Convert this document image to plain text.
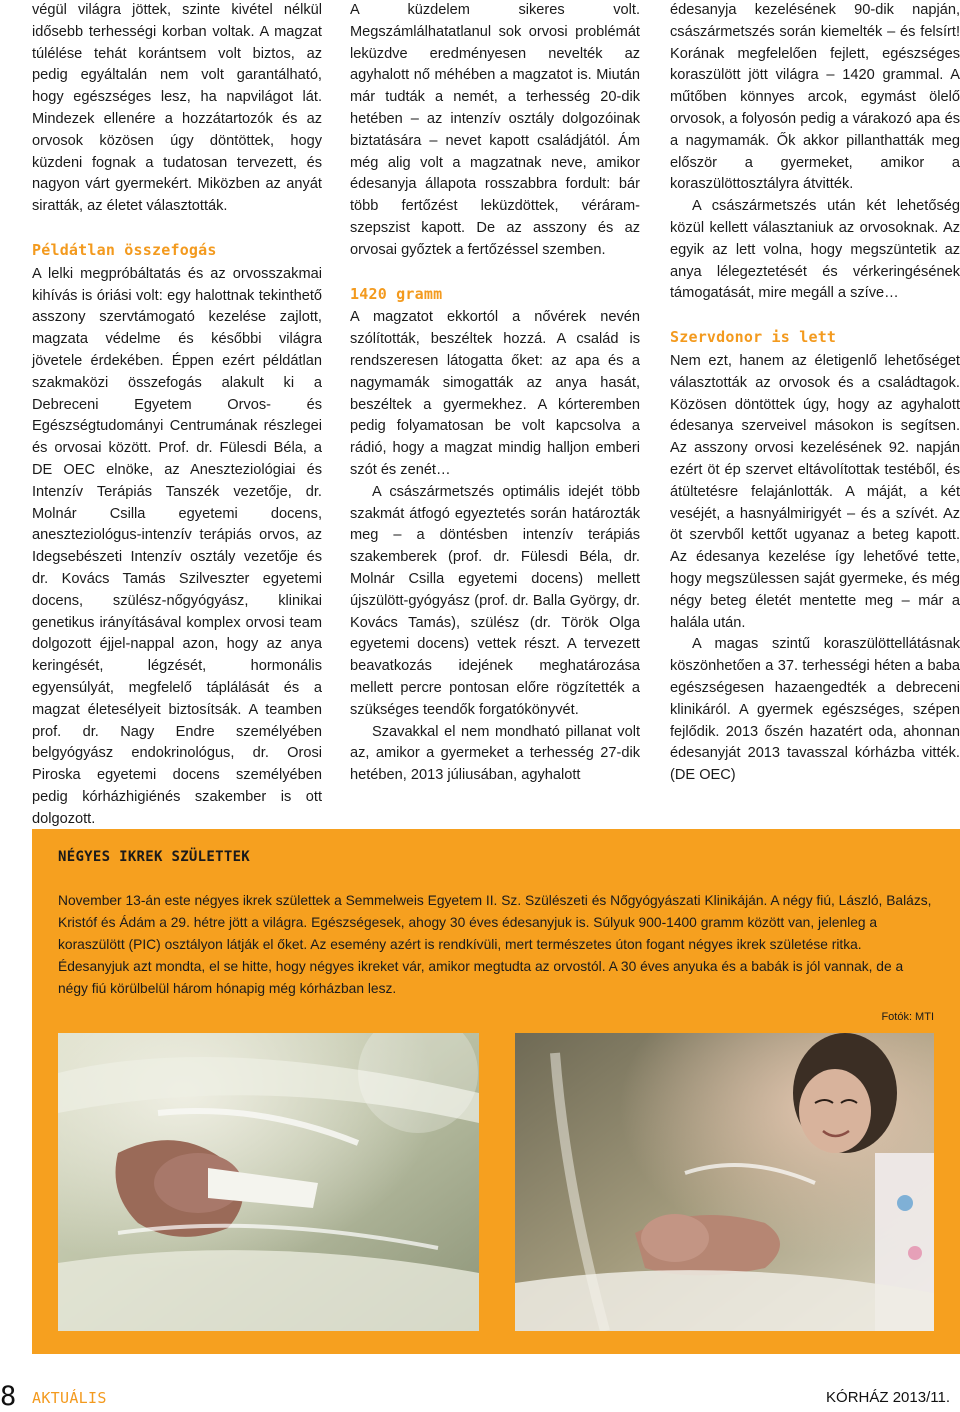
végül világra jöttek, szinte kivétel nélkül idősebb terhességi korban voltak. A magzat túlélése tehát korántsem volt biztos, az pedig egyáltalán nem volt garantálható, hogy egészséges lesz, ha napvilágot lát. Mindezek ellenére a hozzátartozók és az orvosok közösen úgy döntöttek, hogy küzdeni fognak a tudatosan tervezett, és nagyon várt gyermekért. Miközben az anyát siratták, az életet választották.

Példátlan összefogás

A lelki megpróbáltatás és az orvosszakmai kihívás is óriási volt: egy halottnak tekinthető asszony szervtámogató kezelése zajlott, magzata védelme és későbbi világra jövetele érdekében. Éppen ezért példátlan szakmaközi összefogás alakult ki a Debreceni Egyetem Orvos- és Egészségtudományi Centrumának részlegei és orvosai között. Prof. dr. Fülesdi Béla, a DE OEC elnöke, az Aneszteziológiai és Intenzív Terápiás Tanszék vezetője, dr. Molnár Csilla egyetemi docens, aneszteziológus-intenzív terápiás orvos, az Idegsebészeti Intenzív osztály vezetője és dr. Kovács Tamás Szilveszter egyetemi docens, szülész-nőgyógyász, klinikai genetikus irányításával komplex orvosi team dolgozott éjjel-nappal azon, hogy az anya keringését, légzését, hormonális egyensúlyát, megfelelő táplálását és a magzat életesélyeit biztosítsák. A teamben prof. dr. Nagy Endre személyében belgyógyász endokrinológus, dr. Orosi Piroska egyetemi docens személyében pedig kórházhigiénés szakember is ott dolgozott.

A küzdelem sikeres volt. Megszámlálhatatlanul sok orvosi problémát leküzdve eredményesen nevelték az agyhalott nő méhében a magzatot is. Miután már tudták a nemét, a terhesség 20-dik hetében – az intenzív osztály dolgozóinak biztatására – nevet kapott családjától. Ám még alig volt a magzatnak neve, amikor édesanyja állapota rosszabbra fordult: bár több fertőzést leküzdöttek, véráram-szepszist kapott. De az asszony és az orvosai győztek a fertőzéssel szemben.

1420 gramm

A magzatot ekkortól a nővérek nevén szólították, beszéltek hozzá. A család is rendszeresen látogatta őket: az apa és a nagymamák simogatták az anya hasát, beszéltek a gyermekhez. A kórteremben pedig folyamatosan be volt kapcsolva a rádió, hogy a magzat mindig halljon emberi szót és zenét…

A császármetszés optimális idejét több szakmát átfogó egyeztetés során határozták meg – a döntésben intenzív terápiás szakemberek (prof. dr. Fülesdi Béla, dr. Molnár Csilla egyetemi docens) mellett újszülött-gyógyász (prof. dr. Balla György, dr. Kovács Tamás), szülész (dr. Török Olga egyetemi docens) vettek részt. A tervezett beavatkozás idejének meghatározása mellett percre pontosan előre rögzítették a szükséges teendők forgatókönyvét.

Szavakkal el nem mondható pillanat volt az, amikor a gyermeket a terhesség 27-dik hetében, 2013 júliusában, agyhalott

édesanyja kezelésének 90-dik napján, császármetszés során kiemelték – és felsírt! Korának megfelelően fejlett, egészséges koraszülött jött világra – 1420 grammal. A műtőben könnyes arcok, egymást ölelő orvosok, a folyosón pedig a várakozó apa és a nagymamák. Ők akkor pillanthatták meg először a gyermeket, amikor a koraszülöttosztályra átvitték.

A császármetszés után két lehetőség közül kellett választaniuk az orvosoknak. Az egyik az lett volna, hogy megszüntetik az anya lélegeztetését és vérkeringésének támogatását, mire megáll a szíve…

Szervdonor is lett

Nem ezt, hanem az életigenlő lehetőséget választották az orvosok és a családtagok. Közösen döntöttek úgy, hogy az agyhalott édesanya szerveivel másokon is segítsen. Az asszony orvosi kezelésének 92. napján ezért öt ép szervet eltávolítottak testéből, és átültetésre felajánlották. A máját, a két veséjét, a hasnyálmirigyét – és a szívét. Az öt szervből kettőt ugyanaz a beteg kapott. Az édesanya kezelése így lehetővé tette, hogy megszülessen saját gyermeke, és még négy beteg életét mentette meg – már a halála után.

A magas szintű koraszülöttellátásnak köszönhetően a 37. terhességi héten a baba egészségesen hazaengedték a debreceni klinikáról. A gyermek egészséges, szépen fejlődik. 2013 őszén hazatért oda, ahonnan édesanyját 2013 tavasszal kórházba vitték. (DE OEC)

NÉGYES IKREK SZÜLETTEK
November 13-án este négyes ikrek születtek a Semmelweis Egyetem II. Sz. Szülészeti és Nőgyógyászati Klinikáján. A négy fiú, László, Balázs, Kristóf és Ádám a 29. hétre jött a világra. Egészségesek, ahogy 30 éves édesanyjuk is. Súlyuk 900-1400 gramm között van, jelenleg a koraszülött (PIC) osztályon látják el őket. Az esemény azért is rendkívüli, mert természetes úton fogant négyes ikrek születése ritka. Édesanyjuk azt mondta, el se hitte, hogy négyes ikreket vár, amikor megtudta az orvostól. A 30 éves anyuka és a babák is jól vannak, de a négy fiú körülbelül három hónapig még kórházban lesz.
Fotók: MTI
8 AKTUÁLIS	KÓRHÁZ 2013/11.
